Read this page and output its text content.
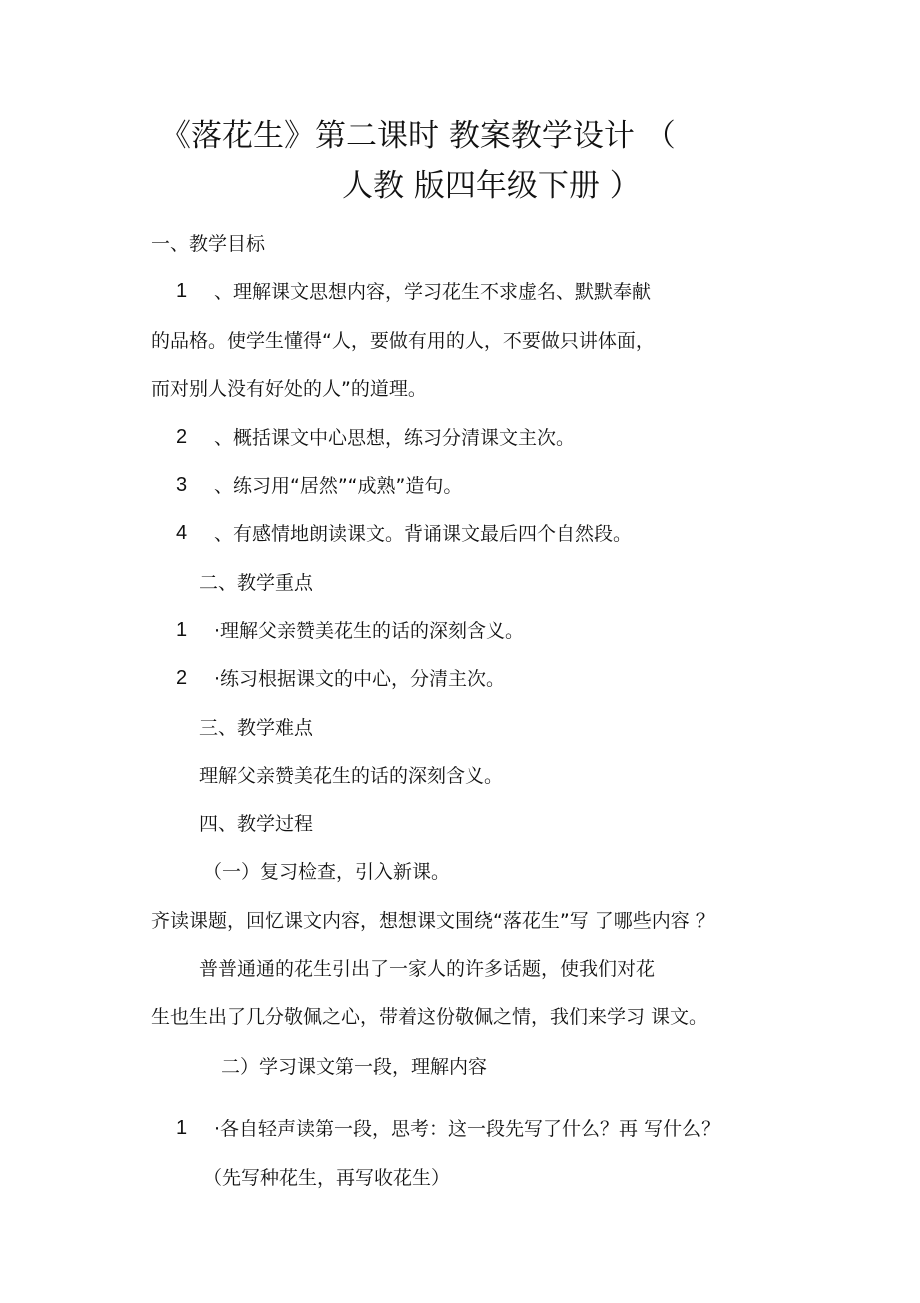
《落花生》第二课时 教案教学设计 （
人教 版四年级下册 ）
一、教学目标
1 、理解课文思想内容，学习花生不求虚名、默默奉献
的品格。使学生懂得“人，要做有用的人，不要做只讲体面，
而对别人没有好处的人”的道理。
2 、概括课文中心思想，练习分清课文主次。
3 、练习用“居然”“成熟”造句。
4 、有感情地朗读课文。背诵课文最后四个自然段。
二、教学重点
1 ·理解父亲赞美花生的话的深刻含义。
2 ·练习根据课文的中心，分清主次。
三、教学难点
理解父亲赞美花生的话的深刻含义。
四、教学过程
（一）复习检查，引入新课。
齐读课题，回忆课文内容，想想课文围绕“落花生”写 了哪些内容 ？
普普通通的花生引出了一家人的许多话题，使我们对花
生也生出了几分敬佩之心，带着这份敬佩之情，我们来学习 课文。
二）学习课文第一段，理解内容
1 ·各自轻声读第一段，思考：这一段先写了什么？再 写什么？
（先写种花生，再写收花生）
